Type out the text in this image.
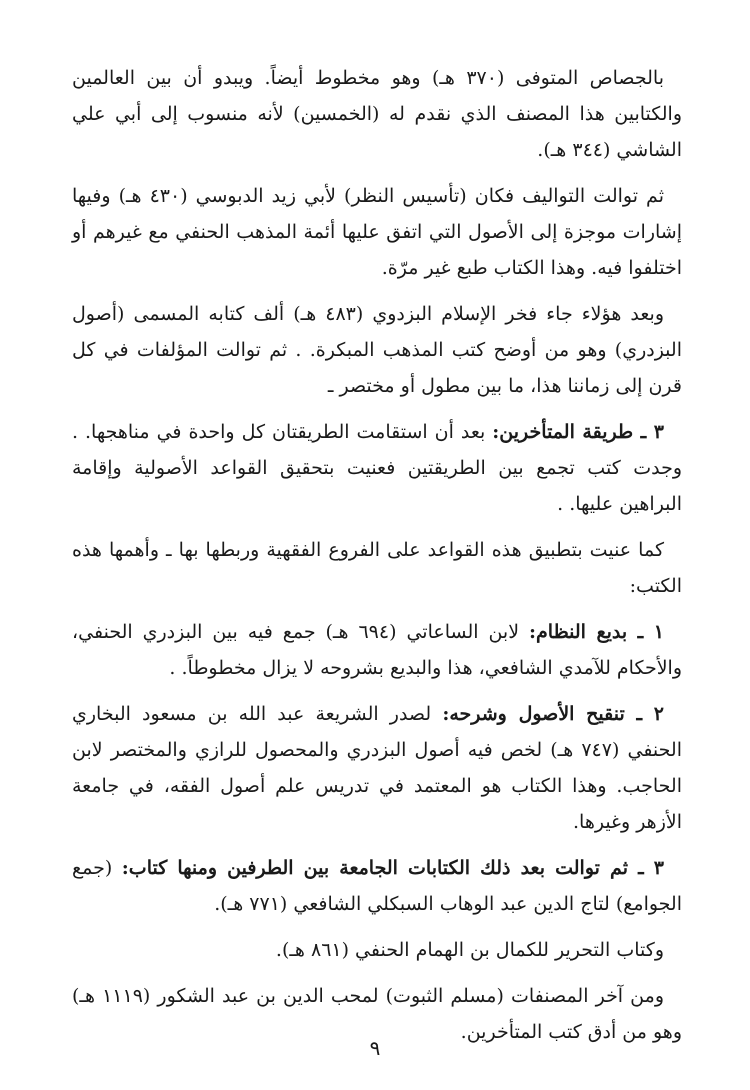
بالجصاص المتوفى (٣٧٠ هـ) وهو مخطوط أيضاً. ويبدو أن بين العالمين والكتابين هذا المصنف الذي نقدم له (الخمسين) لأنه منسوب إلى أبي علي الشاشي (٣٤٤ هـ).

ثم توالت التواليف فكان (تأسيس النظر) لأبي زيد الدبوسي (٤٣٠ هـ) وفيها إشارات موجزة إلى الأصول التي اتفق عليها أئمة المذهب الحنفي مع غيرهم أو اختلفوا فيه. وهذا الكتاب طبع غير مرّة.

وبعد هؤلاء جاء فخر الإسلام البزدوي (٤٨٣ هـ) ألف كتابه المسمى (أصول البزدري) وهو من أوضح كتب المذهب المبكرة. . ثم توالت المؤلفات في كل قرن إلى زماننا هذا، ما بين مطول أو مختصر ـ

٣ ـ طريقة المتأخرين: بعد أن استقامت الطريقتان كل واحدة في مناهجها. . وجدت كتب تجمع بين الطريقتين فعنيت بتحقيق القواعد الأصولية وإقامة البراهين عليها. .

كما عنيت بتطبيق هذه القواعد على الفروع الفقهية وربطها بها ـ وأهمها هذه الكتب:

١ ـ بديع النظام: لابن الساعاتي (٦٩٤ هـ) جمع فيه بين البزدري الحنفي، والأحكام للآمدي الشافعي، هذا والبديع بشروحه لا يزال مخطوطاً. .

٢ ـ تنقيح الأصول وشرحه: لصدر الشريعة عبد الله بن مسعود البخاري الحنفي (٧٤٧ هـ) لخص فيه أصول البزدري والمحصول للرازي والمختصر لابن الحاجب. وهذا الكتاب هو المعتمد في تدريس علم أصول الفقه، في جامعة الأزهر وغيرها.

٣ ـ ثم توالت بعد ذلك الكتابات الجامعة بين الطرفين ومنها كتاب: (جمع الجوامع) لتاج الدين عبد الوهاب السبكلي الشافعي (٧٧١ هـ).

وكتاب التحرير للكمال بن الهمام الحنفي (٨٦١ هـ).

ومن آخر المصنفات (مسلم الثبوت) لمحب الدين بن عبد الشكور (١١١٩ هـ) وهو من أدق كتب المتأخرين.

٩
